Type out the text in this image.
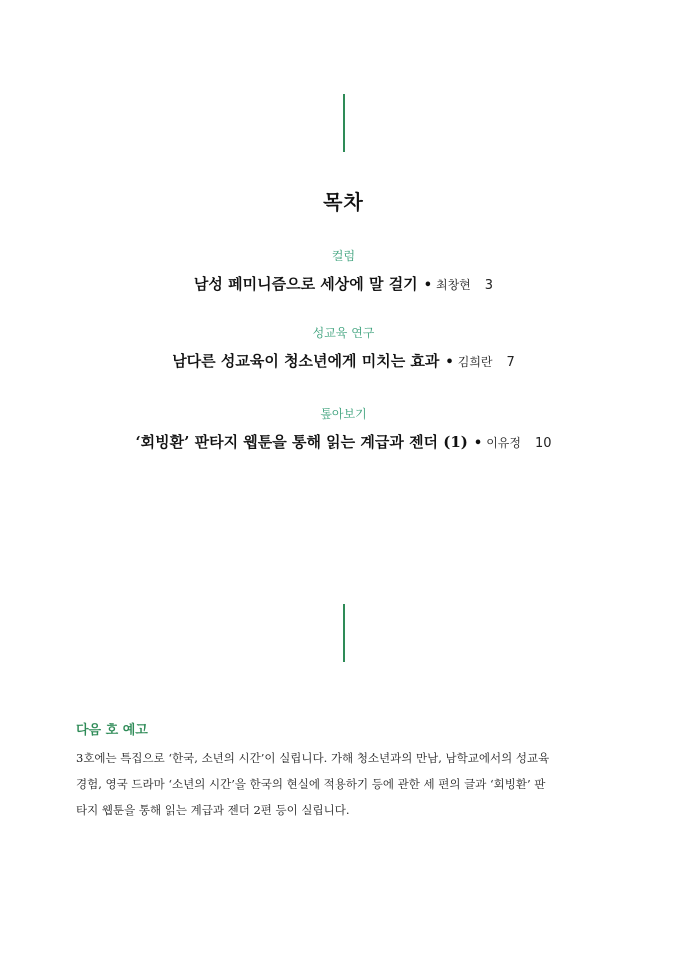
목차
컬럼
남성 페미니즘으로 세상에 말 걸기 • 최창현 3
성교육 연구
남다른 성교육이 청소년에게 미치는 효과 • 김희란 7
톺아보기
‘회빙환’ 판타지 웹툰을 통해 읽는 계급과 젠더 (1) • 이유정 10
다음 호 예고
3호에는 특집으로 ‘한국, 소년의 시간’이 실립니다. 가해 청소년과의 만남, 남학교에서의 성교육
경험, 영국 드라마 ‘소년의 시간’을 한국의 현실에 적용하기 등에 관한 세 편의 글과 ‘회빙환’ 판
타지 웹툰을 통해 읽는 계급과 젠더 2편 등이 실립니다.
